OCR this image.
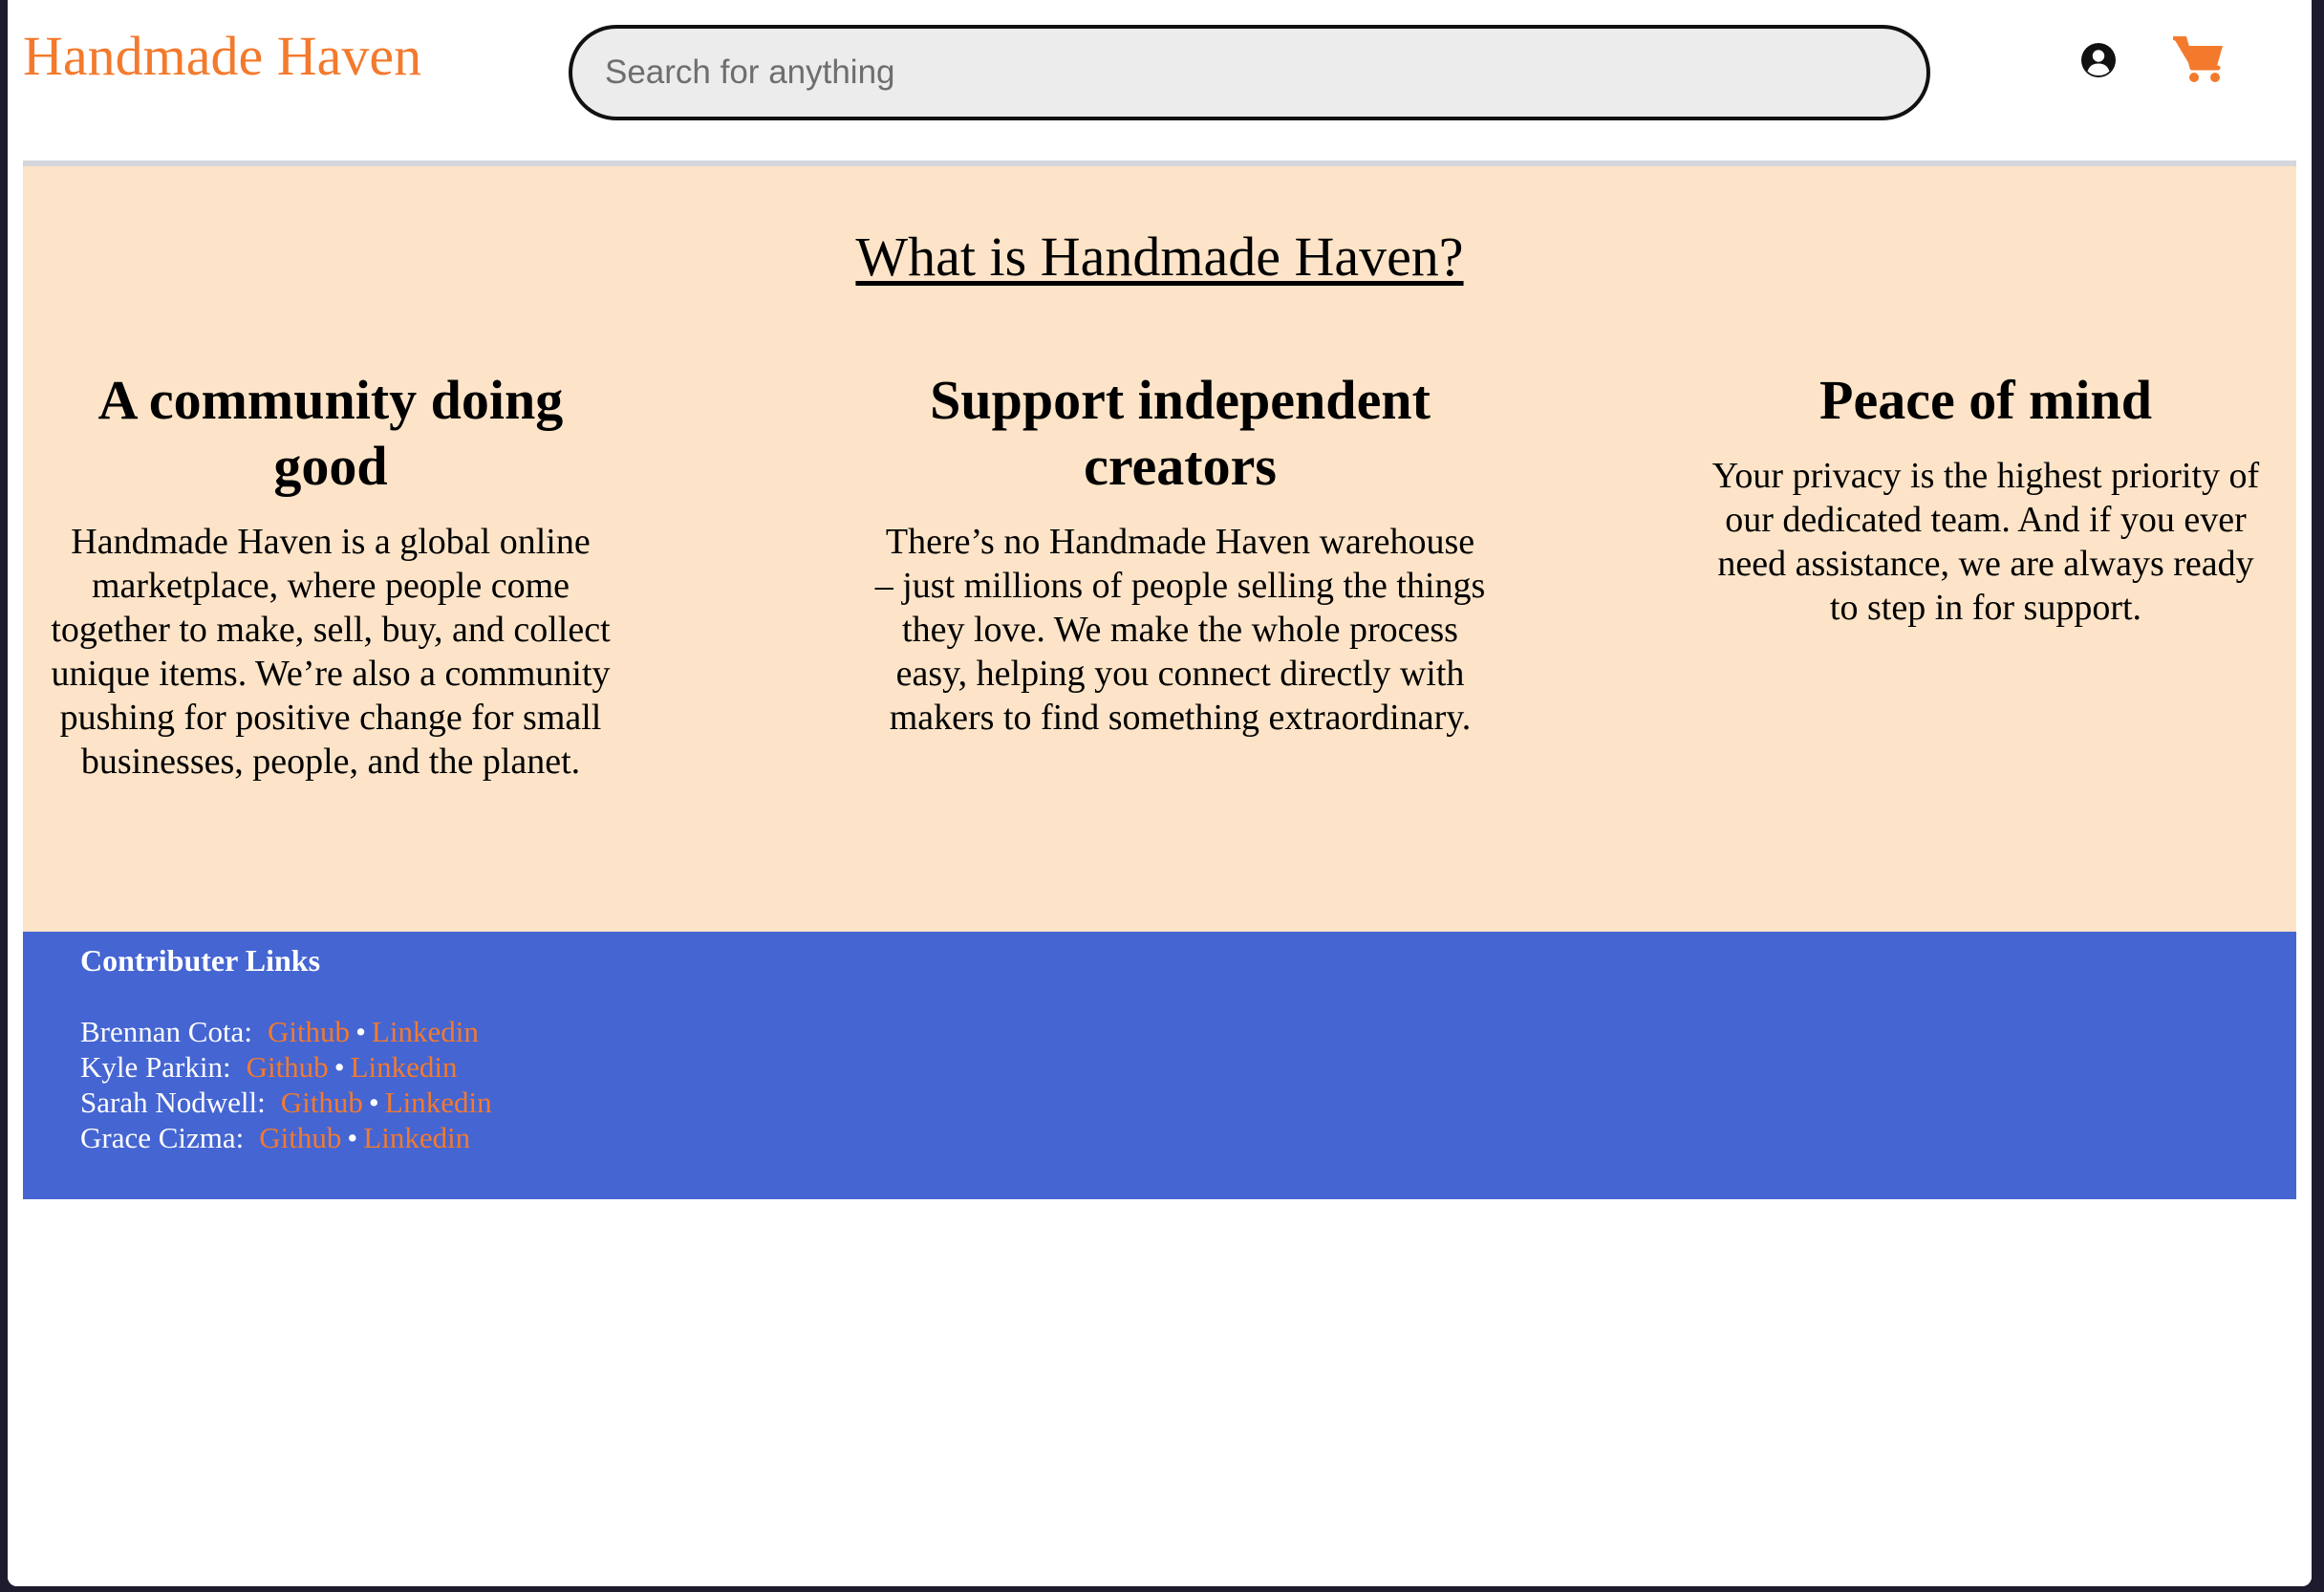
Handmade Haven
Search for anything
What is Handmade Haven?
A community doing good

Handmade Haven is a global online marketplace, where people come together to make, sell, buy, and collect unique items. We’re also a community pushing for positive change for small businesses, people, and the planet.

Support independent creators

There’s no Handmade Haven warehouse – just millions of people selling the things they love. We make the whole process easy, helping you connect directly with makers to find something extraordinary.

Peace of mind

Your privacy is the highest priority of our dedicated team. And if you ever need assistance, we are always ready to step in for support.

Contributer Links
Brennan Cota: Github • Linkedin
Kyle Parkin: Github • Linkedin
Sarah Nodwell: Github • Linkedin
Grace Cizma: Github • Linkedin
